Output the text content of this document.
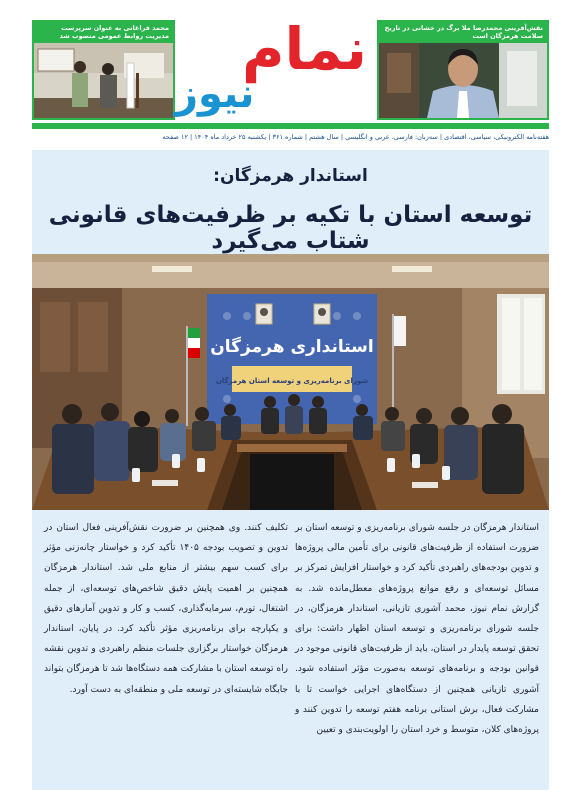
محمد فراغانی به عنوان سرپرست مدیریت روابط عمومی منصوب شد نمام
نیوز
نقش‌آفرینی محمدرضا ملا برگ در خشانی در تاریخ سلامت هرمزگان است
هفته‌نامه الکترونیکی، سیاسی، اقتصادی | سه‌زبان: فارسی، عربی و انگلیسی | سال هشتم | شماره ۳۶۱ | یکشنبه ۲۵ خرداد ماه ۱۴۰۴ | ۱۲ صفحه
استاندار هرمزگان:
توسعه استان با تکیه بر ظرفیت‌های قانونی شتاب می‌گیرد
استانداری هرمزگان
شورای برنامه‌ریزی و توسعه استان هرمزگان

استاندار هرمزگان در جلسه شورای برنامه‌ریزی و توسعه استان بر ضرورت استفاده از ظرفیت‌های قانونی برای تأمین مالی پروژه‌ها و تدوین بودجه‌های راهبردی تأکید کرد و خواستار افزایش تمرکز بر مسائل توسعه‌ای و رفع موانع پروژه‌های معطل‌مانده شد. به گزارش نمام نیوز، محمد آشوری تازیانی، استاندار هرمزگان، در جلسه شورای برنامه‌ریزی و توسعه استان اظهار داشت: برای تحقق توسعه پایدار در استان، باید از ظرفیت‌های قانونی موجود در قوانین بودجه و برنامه‌های توسعه به‌صورت مؤثر استفاده شود. آشوری تازیانی همچنین از دستگاه‌های اجرایی خواست تا با مشارکت فعال، برش استانی برنامه هفتم توسعه را تدوین کنند و پروژه‌های کلان، متوسط و خرد استان را اولویت‌بندی و تعیین

تکلیف کنند. وی همچنین بر ضرورت نقش‌آفرینی فعال استان در تدوین و تصویب بودجه ۱۴۰۵ تأکید کرد و خواستار چانه‌زنی مؤثر برای کسب سهم بیشتر از منابع ملی شد. استاندار هرمزگان همچنین بر اهمیت پایش دقیق شاخص‌های توسعه‌ای، از جمله اشتغال، تورم، سرمایه‌گذاری، کسب و کار و تدوین آمارهای دقیق و یکپارچه برای برنامه‌ریزی مؤثر تأکید کرد. در پایان، استاندار هرمزگان خواستار برگزاری جلسات منظم راهبردی و تدوین نقشه راه توسعه استان با مشارکت همه دستگاه‌ها شد تا هرمزگان بتواند جایگاه شایسته‌ای در توسعه ملی و منطقه‌ای به دست آورد.
